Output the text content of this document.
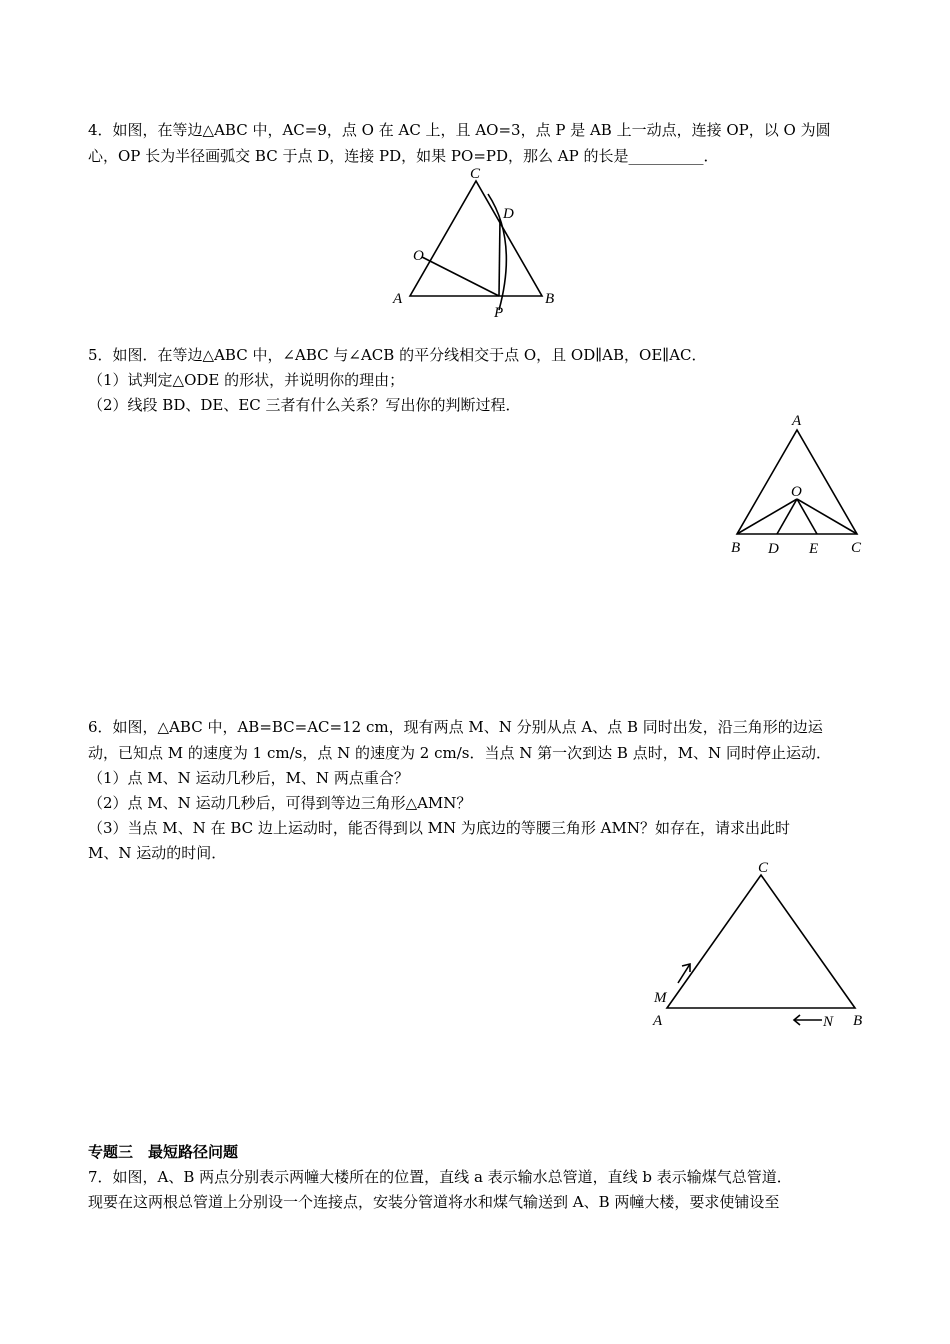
4．如图，在等边△ABC 中，AC=9，点 O 在 AC 上，且 AO=3，点 P 是 AB 上一动点，连接 OP，以 O 为圆
心，OP 长为半径画弧交 BC 于点 D，连接 PD，如果 PO=PD，那么 AP 的长是__________．
C
D
O
A	B
P
5．如图．在等边△ABC 中，∠ABC 与∠ACB 的平分线相交于点 O，且 OD∥AB，OE∥AC．
（1）试判定△ODE 的形状，并说明你的理由；
（2）线段 BD、DE、EC 三者有什么关系？写出你的判断过程．
A
O
B D E C
6．如图，△ABC 中，AB=BC=AC=12 cm，现有两点 M、N 分别从点 A、点 B 同时出发，沿三角形的边运
动，已知点 M 的速度为 1 cm/s，点 N 的速度为 2 cm/s．当点 N 第一次到达 B 点时，M、N 同时停止运动．
（1）点 M、N 运动几秒后，M、N 两点重合？
（2）点 M、N 运动几秒后，可得到等边三角形△AMN？
（3）当点 M、N 在 BC 边上运动时，能否得到以 MN 为底边的等腰三角形 AMN？如存在，请求出此时
M、N 运动的时间．
C
M
A	N B
专题三　最短路径问题
7．如图，A、B 两点分别表示两幢大楼所在的位置，直线 a 表示输水总管道，直线 b 表示输煤气总管道．
现要在这两根总管道上分别设一个连接点，安装分管道将水和煤气输送到 A、B 两幢大楼，要求使铺设至
